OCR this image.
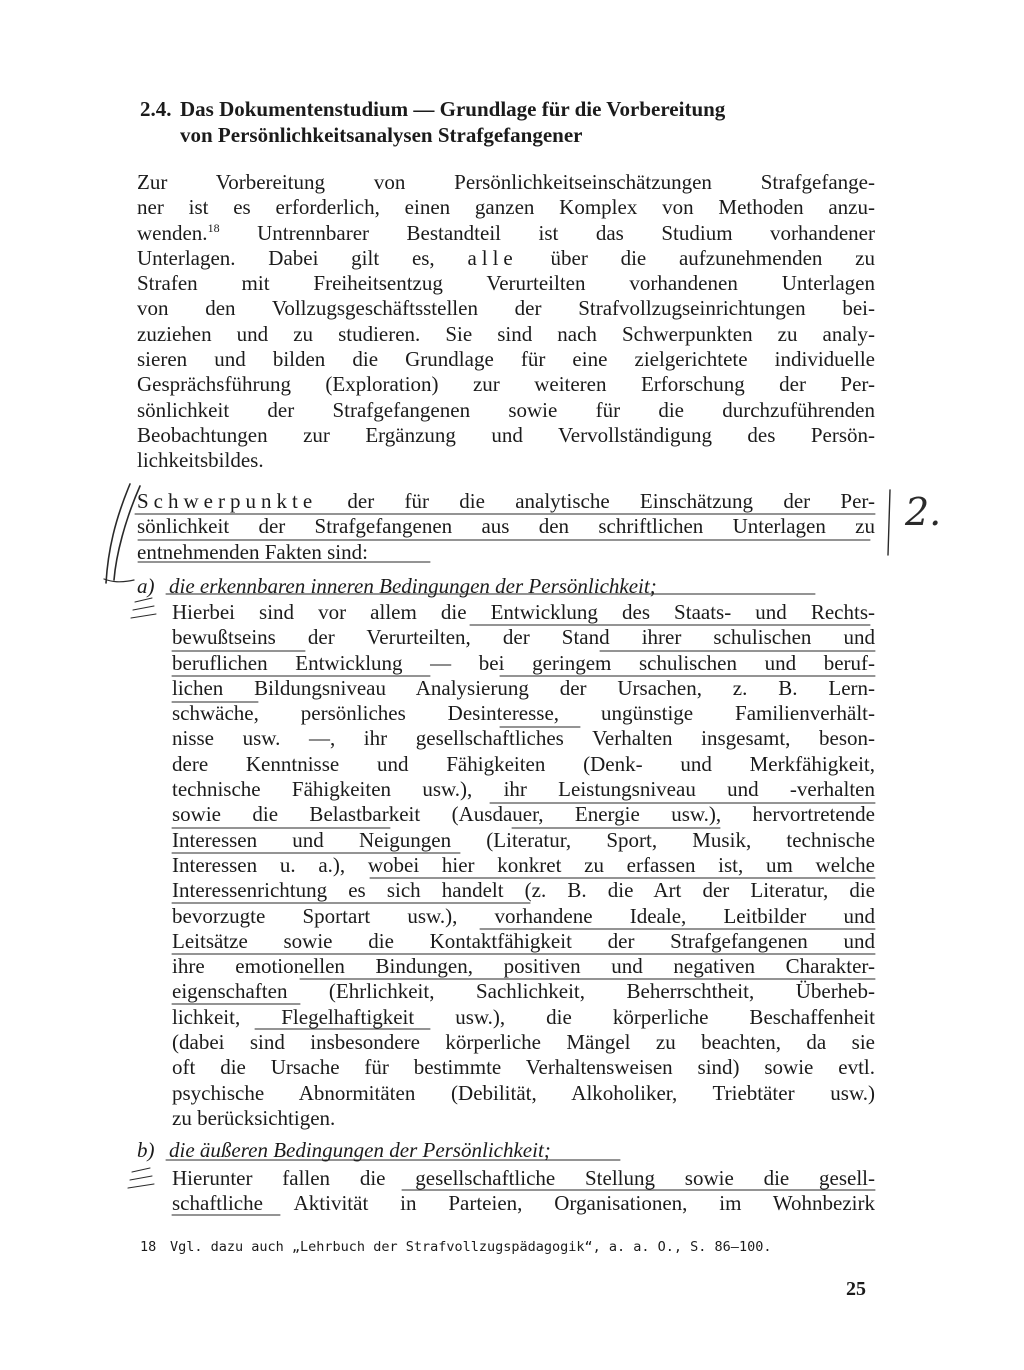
2.4. Das Dokumentenstudium — Grundlage für die Vorbereitung
von Persönlichkeitsanalysen Strafgefangener
Zur Vorbereitung von Persönlichkeitseinschätzungen Strafgefange-
ner ist es erforderlich, einen ganzen Komplex von Methoden anzu-
wenden.$^{18}$ Untrennbarer Bestandteil ist das Studium vorhandener
Unterlagen. Dabei gilt es, alle über die aufzunehmenden zu
Strafen mit Freiheitsentzug Verurteilten vorhandenen Unterlagen
von den Vollzugsgeschäftsstellen der Strafvollzugseinrichtungen bei-
zuziehen und zu studieren. Sie sind nach Schwerpunkten zu analy-
sieren und bilden die Grundlage für eine zielgerichtete individuelle
Gesprächsführung (Exploration) zur weiteren Erforschung der Per-
sönlichkeit der Strafgefangenen sowie für die durchzuführenden
Beobachtungen zur Ergänzung und Vervollständigung des Persön-
lichkeitsbildes.
Schwerpunkte der für die analytische Einschätzung der Per-
sönlichkeit der Strafgefangenen aus den schriftlichen Unterlagen zu
entnehmenden Fakten sind:
a) die erkennbaren inneren Bedingungen der Persönlichkeit;
Hierbei sind vor allem die Entwicklung des Staats- und Rechts-
bewußtseins der Verurteilten, der Stand ihrer schulischen und
beruflichen Entwicklung — bei geringem schulischen und beruf-
lichen Bildungsniveau Analysierung der Ursachen, z. B. Lern-
schwäche, persönliches Desinteresse, ungünstige Familienverhält-
nisse usw. —, ihr gesellschaftliches Verhalten insgesamt, beson-
dere Kenntnisse und Fähigkeiten (Denk- und Merkfähigkeit,
technische Fähigkeiten usw.), ihr Leistungsniveau und -verhalten
sowie die Belastbarkeit (Ausdauer, Energie usw.), hervortretende
Interessen und Neigungen (Literatur, Sport, Musik, technische
Interessen u. a.), wobei hier konkret zu erfassen ist, um welche
Interessenrichtung es sich handelt (z. B. die Art der Literatur, die
bevorzugte Sportart usw.), vorhandene Ideale, Leitbilder und
Leitsätze sowie die Kontaktfähigkeit der Strafgefangenen und
ihre emotionellen Bindungen, positiven und negativen Charakter-
eigenschaften (Ehrlichkeit, Sachlichkeit, Beherrschtheit, Überheb-
lichkeit, Flegelhaftigkeit usw.), die körperliche Beschaffenheit
(dabei sind insbesondere körperliche Mängel zu beachten, da sie
oft die Ursache für bestimmte Verhaltensweisen sind) sowie evtl.
psychische Abnormitäten (Debilität, Alkoholiker, Triebtäter usw.)
zu berücksichtigen.
b) die äußeren Bedingungen der Persönlichkeit;
Hierunter fallen die gesellschaftliche Stellung sowie die gesell-
schaftliche Aktivität in Parteien, Organisationen, im Wohnbezirk
18 Vgl. dazu auch „Lehrbuch der Strafvollzugspädagogik“, a. a. O., S. 86–100.
25
2.
